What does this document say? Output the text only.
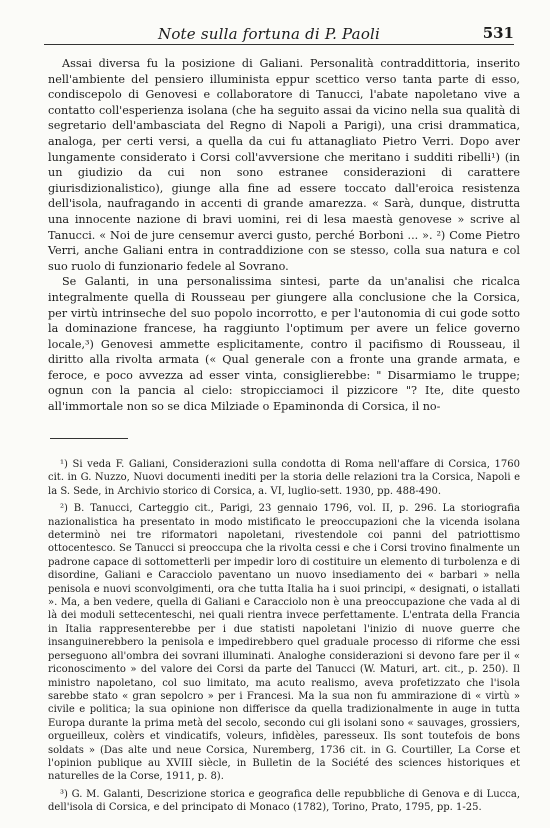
Note sulla fortuna di P. Paoli	531

Assai diversa fu la posizione di Galiani. Personalità contraddittoria, inserito nell'ambiente del pensiero illuminista eppur scettico verso tanta parte di esso, condiscepolo di Genovesi e collaboratore di Tanucci, l'abate napoletano vive a contatto coll'esperienza isolana (che ha seguito assai da vicino nella sua qualità di segretario dell'ambasciata del Regno di Napoli a Parigi), una crisi drammatica, analoga, per certi versi, a quella da cui fu attanagliato Pietro Verri. Dopo aver lungamente considerato i Corsi coll'avversione che meritano i sudditi ribelli¹) (in un giudizio da cui non sono estranee considerazioni di carattere giurisdizionalistico), giunge alla fine ad essere toccato dall'eroica resistenza dell'isola, naufragando in accenti di grande amarezza. « Sarà, dunque, distrutta una innocente nazione di bravi uomini, rei di lesa maestà genovese » scrive al Tanucci. « Noi de jure censemur averci gusto, perché Borboni ... ». ²) Come Pietro Verri, anche Galiani entra in contraddizione con se stesso, colla sua natura e col suo ruolo di funzionario fedele al Sovrano.

Se Galanti, in una personalissima sintesi, parte da un'analisi che ricalca integralmente quella di Rousseau per giungere alla conclusione che la Corsica, per virtù intrinseche del suo popolo incorrotto, e per l'autonomia di cui gode sotto la dominazione francese, ha raggiunto l'optimum per avere un felice governo locale,³) Genovesi ammette esplicitamente, contro il pacifismo di Rousseau, il diritto alla rivolta armata (« Qual generale con a fronte una grande armata, e feroce, e poco avvezza ad esser vinta, consiglierebbe: " Disarmiamo le truppe; ognun con la pancia al cielo: stropicciamoci il pizzicore "? Ite, dite questo all'immortale non so se dica Milziade o Epaminonda di Corsica, il no-

¹) Si veda F. Galiani, Considerazioni sulla condotta di Roma nell'affare di Corsica, 1760 cit. in G. Nuzzo, Nuovi documenti inediti per la storia delle relazioni tra la Corsica, Napoli e la S. Sede, in Archivio storico di Corsica, a. VI, luglio-sett. 1930, pp. 488-490.

²) B. Tanucci, Carteggio cit., Parigi, 23 gennaio 1796, vol. II, p. 296. La storiografia nazionalistica ha presentato in modo mistificato le preoccupazioni che la vicenda isolana determinò nei tre riformatori napoletani, rivestendole coi panni del patriottismo ottocentesco. Se Tanucci si preoccupa che la rivolta cessi e che i Corsi trovino finalmente un padrone capace di sottometterli per impedir loro di costituire un elemento di turbolenza e di disordine, Galiani e Caracciolo paventano un nuovo insediamento dei « barbari » nella penisola e nuovi sconvolgimenti, ora che tutta Italia ha i suoi principi, « designati, o istallati ». Ma, a ben vedere, quella di Galiani e Caracciolo non è una preoccupazione che vada al di là dei moduli settecenteschi, nei quali rientra invece perfettamente. L'entrata della Francia in Italia rappresenterebbe per i due statisti napoletani l'inizio di nuove guerre che insanguinerebbero la penisola e impedirebbero quel graduale processo di riforme che essi perseguono all'ombra dei sovrani illuminati. Analoghe considerazioni si devono fare per il « riconoscimento » del valore dei Corsi da parte del Tanucci (W. Maturi, art. cit., p. 250). Il ministro napoletano, col suo limitato, ma acuto realismo, aveva profetizzato che l'isola sarebbe stato « gran sepolcro » per i Francesi. Ma la sua non fu ammirazione di « virtù » civile e politica; la sua opinione non differisce da quella tradizionalmente in auge in tutta Europa durante la prima metà del secolo, secondo cui gli isolani sono « sauvages, grossiers, orgueilleux, colèrs et vindicatifs, voleurs, infidèles, paresseux. Ils sont toutefois de bons soldats » (Das alte und neue Corsica, Nuremberg, 1736 cit. in G. Courtiller, La Corse et l'opinion publique au XVIII siècle, in Bulletin de la Société des sciences historiques et naturelles de la Corse, 1911, p. 8).

³) G. M. Galanti, Descrizione storica e geografica delle repubbliche di Genova e di Lucca, dell'isola di Corsica, e del principato di Monaco (1782), Torino, Prato, 1795, pp. 1-25.
